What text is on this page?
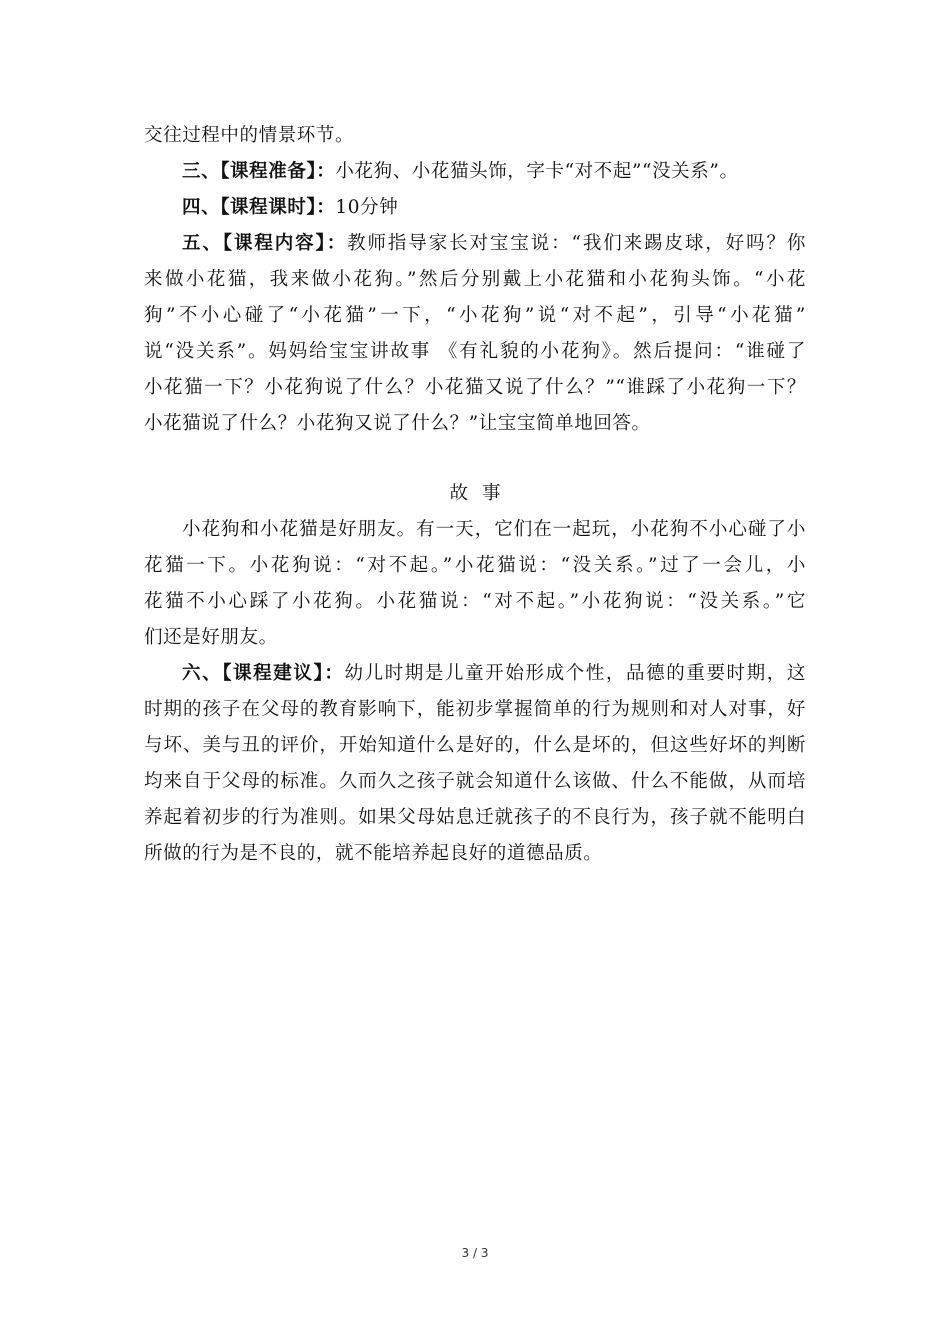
交往过程中的情景环节。
三、【课程准备】：小花狗、小花猫头饰，字卡“对不起”“没关系”。
四、【课程课时】：10分钟
五、【课程内容】：教师指导家长对宝宝说：“我们来踢皮球，好吗？你
来做小花猫，我来做小花狗。”然后分别戴上小花猫和小花狗头饰。“小花
狗”不小心碰了“小花猫”一下，“小花狗”说“对不起”，引导“小花猫”
说“没关系”。妈妈给宝宝讲故事 《有礼貌的小花狗》。然后提问：“谁碰了
小花猫一下？小花狗说了什么？小花猫又说了什么？”“谁踩了小花狗一下？
小花猫说了什么？小花狗又说了什么？”让宝宝简单地回答。
故事
小花狗和小花猫是好朋友。有一天，它们在一起玩，小花狗不小心碰了小
花猫一下。小花狗说：“对不起。”小花猫说：“没关系。”过了一会儿，小
花猫不小心踩了小花狗。小花猫说：“对不起。”小花狗说：“没关系。”它
们还是好朋友。
六、【课程建议】：幼儿时期是儿童开始形成个性，品德的重要时期，这
时期的孩子在父母的教育影响下，能初步掌握简单的行为规则和对人对事，好
与坏、美与丑的评价，开始知道什么是好的，什么是坏的，但这些好坏的判断
均来自于父母的标准。久而久之孩子就会知道什么该做、什么不能做，从而培
养起着初步的行为准则。如果父母姑息迁就孩子的不良行为，孩子就不能明白
所做的行为是不良的，就不能培养起良好的道德品质。
3 / 3
